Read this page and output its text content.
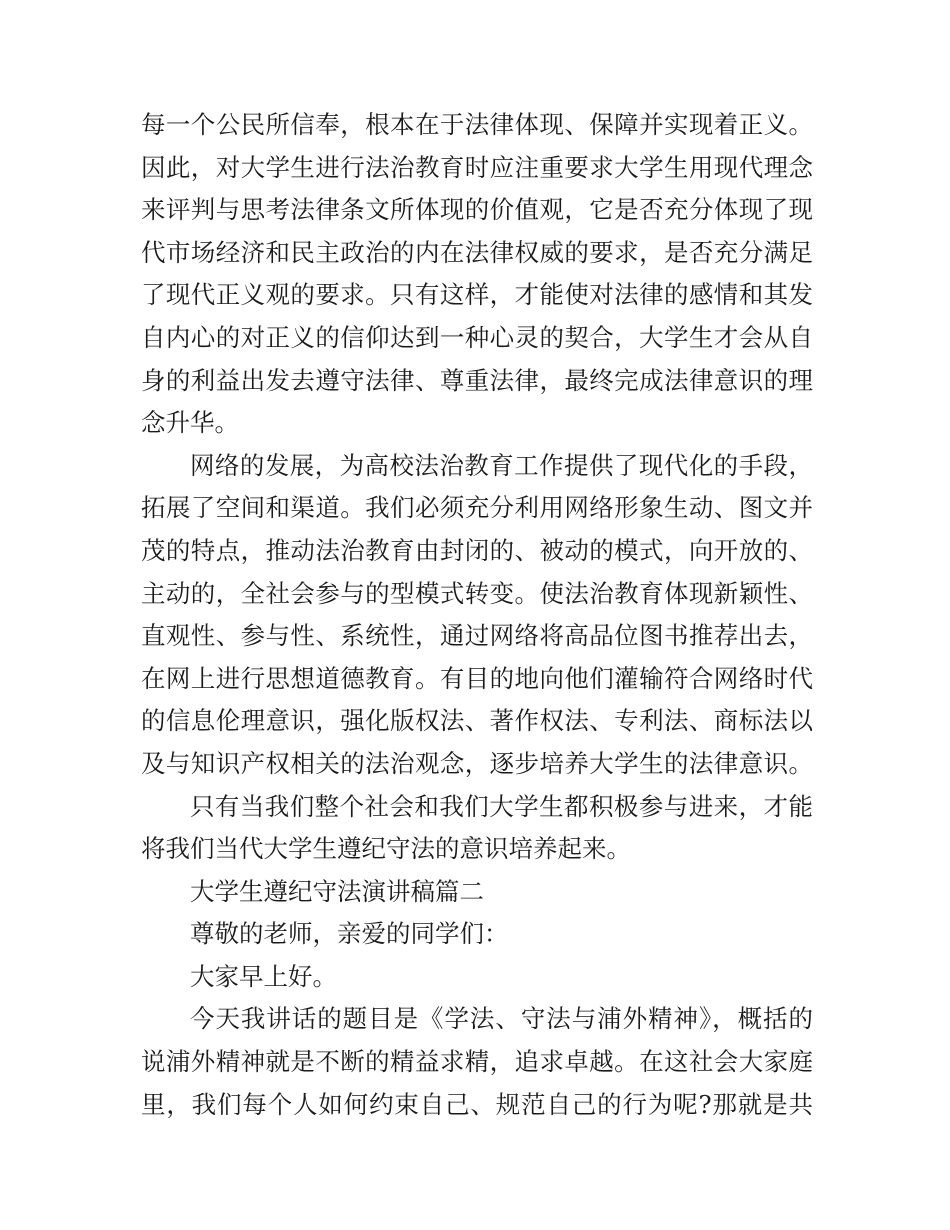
每一个公民所信奉，根本在于法律体现、保障并实现着正义。
因此，对大学生进行法治教育时应注重要求大学生用现代理念
来评判与思考法律条文所体现的价值观，它是否充分体现了现
代市场经济和民主政治的内在法律权威的要求，是否充分满足
了现代正义观的要求。只有这样，才能使对法律的感情和其发
自内心的对正义的信仰达到一种心灵的契合，大学生才会从自
身的利益出发去遵守法律、尊重法律，最终完成法律意识的理
念升华。
网络的发展，为高校法治教育工作提供了现代化的手段，
拓展了空间和渠道。我们必须充分利用网络形象生动、图文并
茂的特点，推动法治教育由封闭的、被动的模式，向开放的、
主动的，全社会参与的型模式转变。使法治教育体现新颖性、
直观性、参与性、系统性，通过网络将高品位图书推荐出去，
在网上进行思想道德教育。有目的地向他们灌输符合网络时代
的信息伦理意识，强化版权法、著作权法、专利法、商标法以
及与知识产权相关的法治观念，逐步培养大学生的法律意识。
只有当我们整个社会和我们大学生都积极参与进来，才能
将我们当代大学生遵纪守法的意识培养起来。
大学生遵纪守法演讲稿篇二
尊敬的老师，亲爱的同学们：
大家早上好。
今天我讲话的题目是《学法、守法与浦外精神》，概括的
说浦外精神就是不断的精益求精，追求卓越。在这社会大家庭
里，我们每个人如何约束自己、规范自己的行为呢?那就是共
